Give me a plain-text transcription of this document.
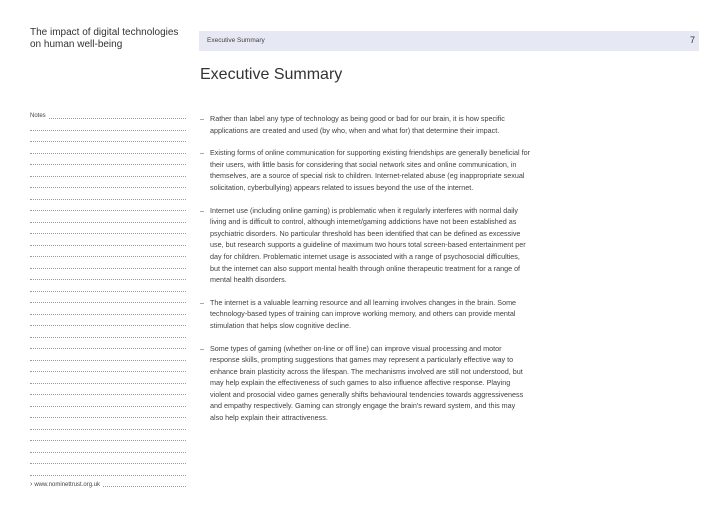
The impact of digital technologies
on human well-being	Executive Summary	7
Executive Summary
Notes
› www.nominettrust.org.uk
– Rather than label any type of technology as being good or bad for our brain, it is how specific applications are created and used (by who, when and what for) that determine their impact.
– Existing forms of online communication for supporting existing friendships are generally beneficial for their users, with little basis for considering that social network sites and online communication, in themselves, are a source of special risk to children. Internet-related abuse (eg inappropriate sexual solicitation, cyberbullying) appears related to issues beyond the use of the internet.
– Internet use (including online gaming) is problematic when it regularly interferes with normal daily living and is difficult to control, although internet/gaming addictions have not been established as psychiatric disorders. No particular threshold has been identified that can be defined as excessive use, but research supports a guideline of maximum two hours total screen-based entertainment per day for children. Problematic internet usage is associated with a range of psychosocial difficulties, but the internet can also support mental health through online therapeutic treatment for a range of mental health disorders.
– The internet is a valuable learning resource and all learning involves changes in the brain. Some technology-based types of training can improve working memory, and others can provide mental stimulation that helps slow cognitive decline.
– Some types of gaming (whether on-line or off line) can improve visual processing and motor response skills, prompting suggestions that games may represent a particularly effective way to enhance brain plasticity across the lifespan. The mechanisms involved are still not understood, but may help explain the effectiveness of such games to also influence affective response. Playing violent and prosocial video games generally shifts behavioural tendencies towards aggressiveness and empathy respectively. Gaming can strongly engage the brain's reward system, and this may also help explain their attractiveness.
